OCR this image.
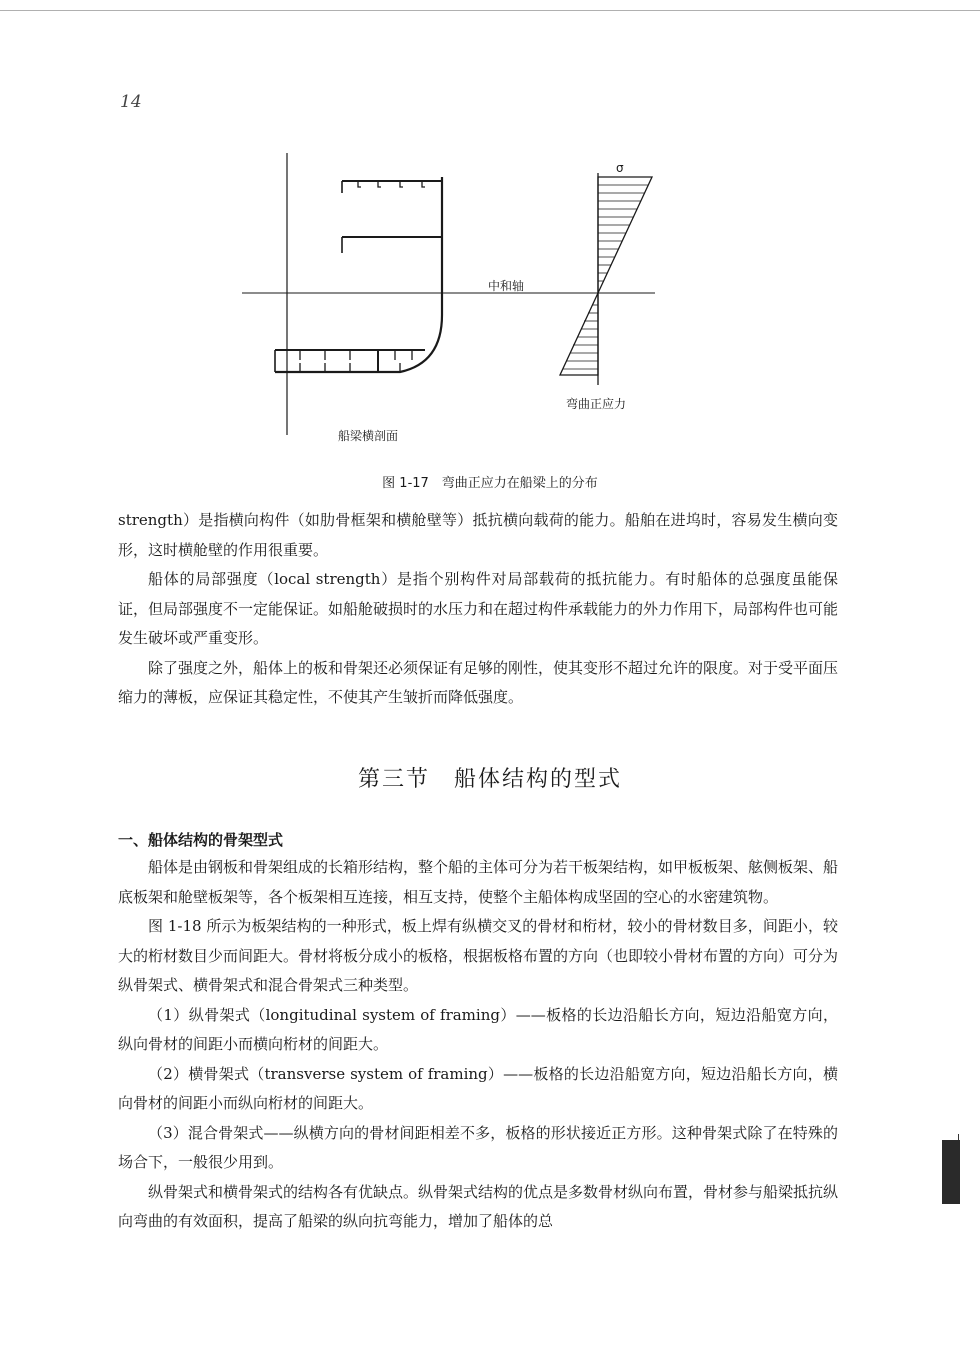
14
σ
中和轴
弯曲正应力
船梁横剖面
图 1-17　弯曲正应力在船梁上的分布

strength）是指横向构件（如肋骨框架和横舱壁等）抵抗横向载荷的能力。船舶在进坞时，容易发生横向变形，这时横舱壁的作用很重要。

船体的局部强度（local strength）是指个别构件对局部载荷的抵抗能力。有时船体的总强度虽能保证，但局部强度不一定能保证。如船舱破损时的水压力和在超过构件承载能力的外力作用下，局部构件也可能发生破坏或严重变形。

除了强度之外，船体上的板和骨架还必须保证有足够的刚性，使其变形不超过允许的限度。对于受平面压缩力的薄板，应保证其稳定性，不使其产生皱折而降低强度。

第三节　船体结构的型式
一、船体结构的骨架型式

船体是由钢板和骨架组成的长箱形结构，整个船的主体可分为若干板架结构，如甲板板架、舷侧板架、船底板架和舱壁板架等，各个板架相互连接，相互支持，使整个主船体构成坚固的空心的水密建筑物。

图 1-18 所示为板架结构的一种形式，板上焊有纵横交叉的骨材和桁材，较小的骨材数目多，间距小，较大的桁材数目少而间距大。骨材将板分成小的板格，根据板格布置的方向（也即较小骨材布置的方向）可分为纵骨架式、横骨架式和混合骨架式三种类型。

（1）纵骨架式（longitudinal system of framing）——板格的长边沿船长方向，短边沿船宽方向，纵向骨材的间距小而横向桁材的间距大。

（2）横骨架式（transverse system of framing）——板格的长边沿船宽方向，短边沿船长方向，横向骨材的间距小而纵向桁材的间距大。

（3）混合骨架式——纵横方向的骨材间距相差不多，板格的形状接近正方形。这种骨架式除了在特殊的场合下，一般很少用到。

纵骨架式和横骨架式的结构各有优缺点。纵骨架式结构的优点是多数骨材纵向布置，骨材参与船梁抵抗纵向弯曲的有效面积，提高了船梁的纵向抗弯能力，增加了船体的总
